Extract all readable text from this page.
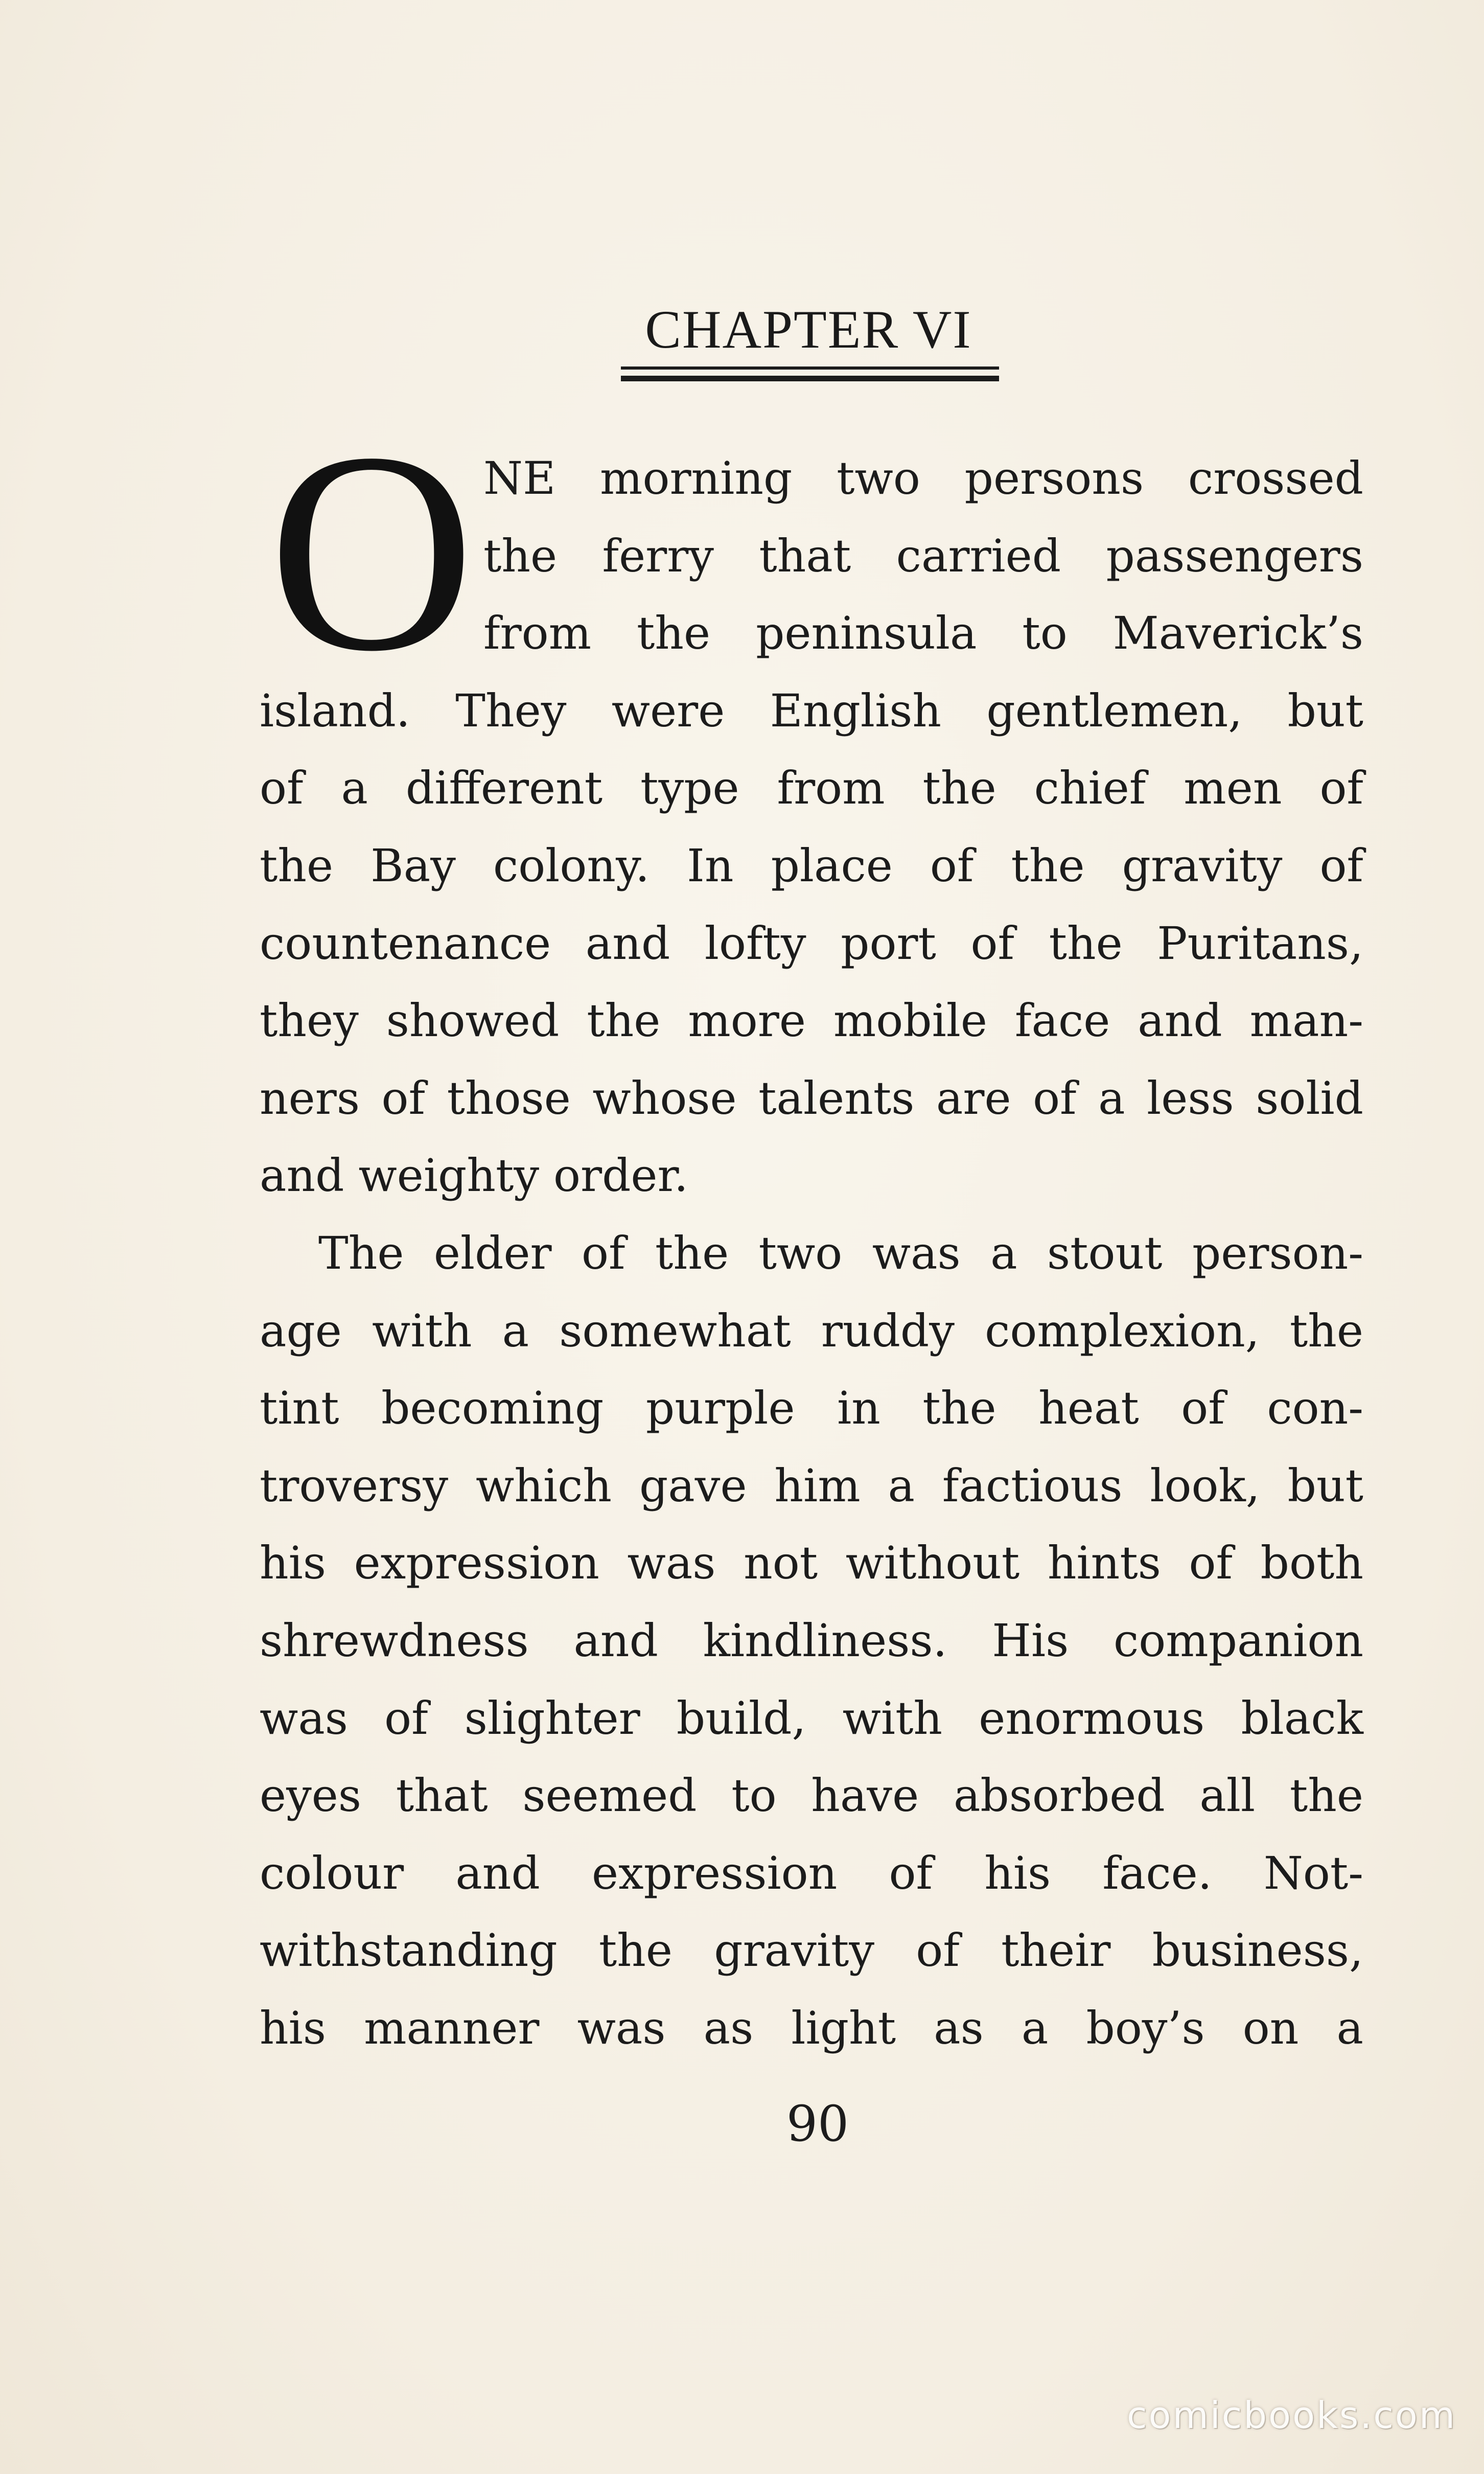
CHAPTER VI
O NE morning two persons crossed
the ferry that carried passengers
from the peninsula to Maverick’s
island. They were English gentlemen, but
of a different type from the chief men of
the Bay colony. In place of the gravity of
countenance and lofty port of the Puritans,
they showed the more mobile face and man-
ners of those whose talents are of a less solid
and weighty order.
The elder of the two was a stout person-
age with a somewhat ruddy complexion, the
tint becoming purple in the heat of con-
troversy which gave him a factious look, but
his expression was not without hints of both
shrewdness and kindliness. His companion
was of slighter build, with enormous black
eyes that seemed to have absorbed all the
colour and expression of his face. Not-
withstanding the gravity of their business,
his manner was as light as a boy’s on a
90
comicbooks.com
